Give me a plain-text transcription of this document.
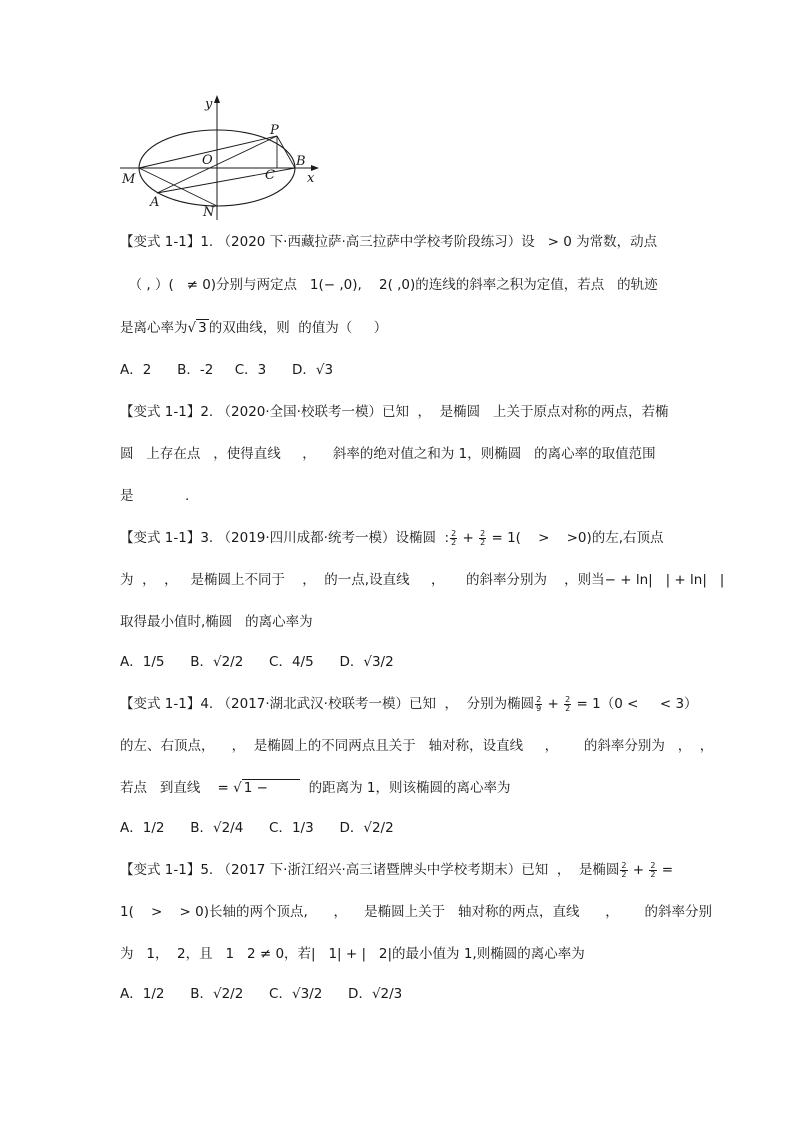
y
x
O
P
B
C
M
A
N
【变式 1-1】1. （2020 下·西藏拉萨·高三拉萨中学校考阶段练习）设   > 0 为常数，动点
（ , ）(   ≠ 0)分别与两定点   1(− ,0),    2( ,0)的连线的斜率之积为定值，若点   的轨迹
是离心率为√ 3 的双曲线，则  的值为（     ）
A．2      B．-2     C．3      D．√3
【变式 1-1】2. （2020·全国·校联考一模）已知  ，  是椭圆   上关于原点对称的两点，若椭
圆   上存在点   ，使得直线     ，    斜率的绝对值之和为 1，则椭圆   的离心率的取值范围
是            .
【变式 1-1】3. （2019·四川成都·统考一模）设椭圆  : $\frac{2}{2} + \frac{2}{2} = 1$(    >    >0)的左,右顶点
为  ，  ，   是椭圆上不同于    ，  的一点,设直线     ，     的斜率分别为    ，则当− + ln|   | + ln|   |
取得最小值时,椭圆   的离心率为
A．1/5      B．√2/2      C．4/5      D．√3/2
【变式 1-1】4. （2017·湖北武汉·校联考一模）已知  ，  分别为椭圆 $\frac{2}{9} + \frac{2}{2} = 1(0$ <     < 3）
的左、右顶点，    ，  是椭圆上的不同两点且关于   轴对称，设直线     ，      的斜率分别为   ，  ，
若点   到直线    = √ 1 −         的距离为 1，则该椭圆的离心率为
A．1/2      B．√2/4      C．1/3      D．√2/2
【变式 1-1】5. （2017 下·浙江绍兴·高三诸暨牌头中学校考期末）已知  ，  是椭圆 $\frac{2}{2} + \frac{2}{2}$ =
1(    >    > 0)长轴的两个顶点,      ，    是椭圆上关于   轴对称的两点，直线      ，      的斜率分别
为   1，  2，且   1   2 ≠ 0，若|   1| + |   2|的最小值为 1,则椭圆的离心率为
A．1/2      B．√2/2      C．√3/2      D．√2/3
